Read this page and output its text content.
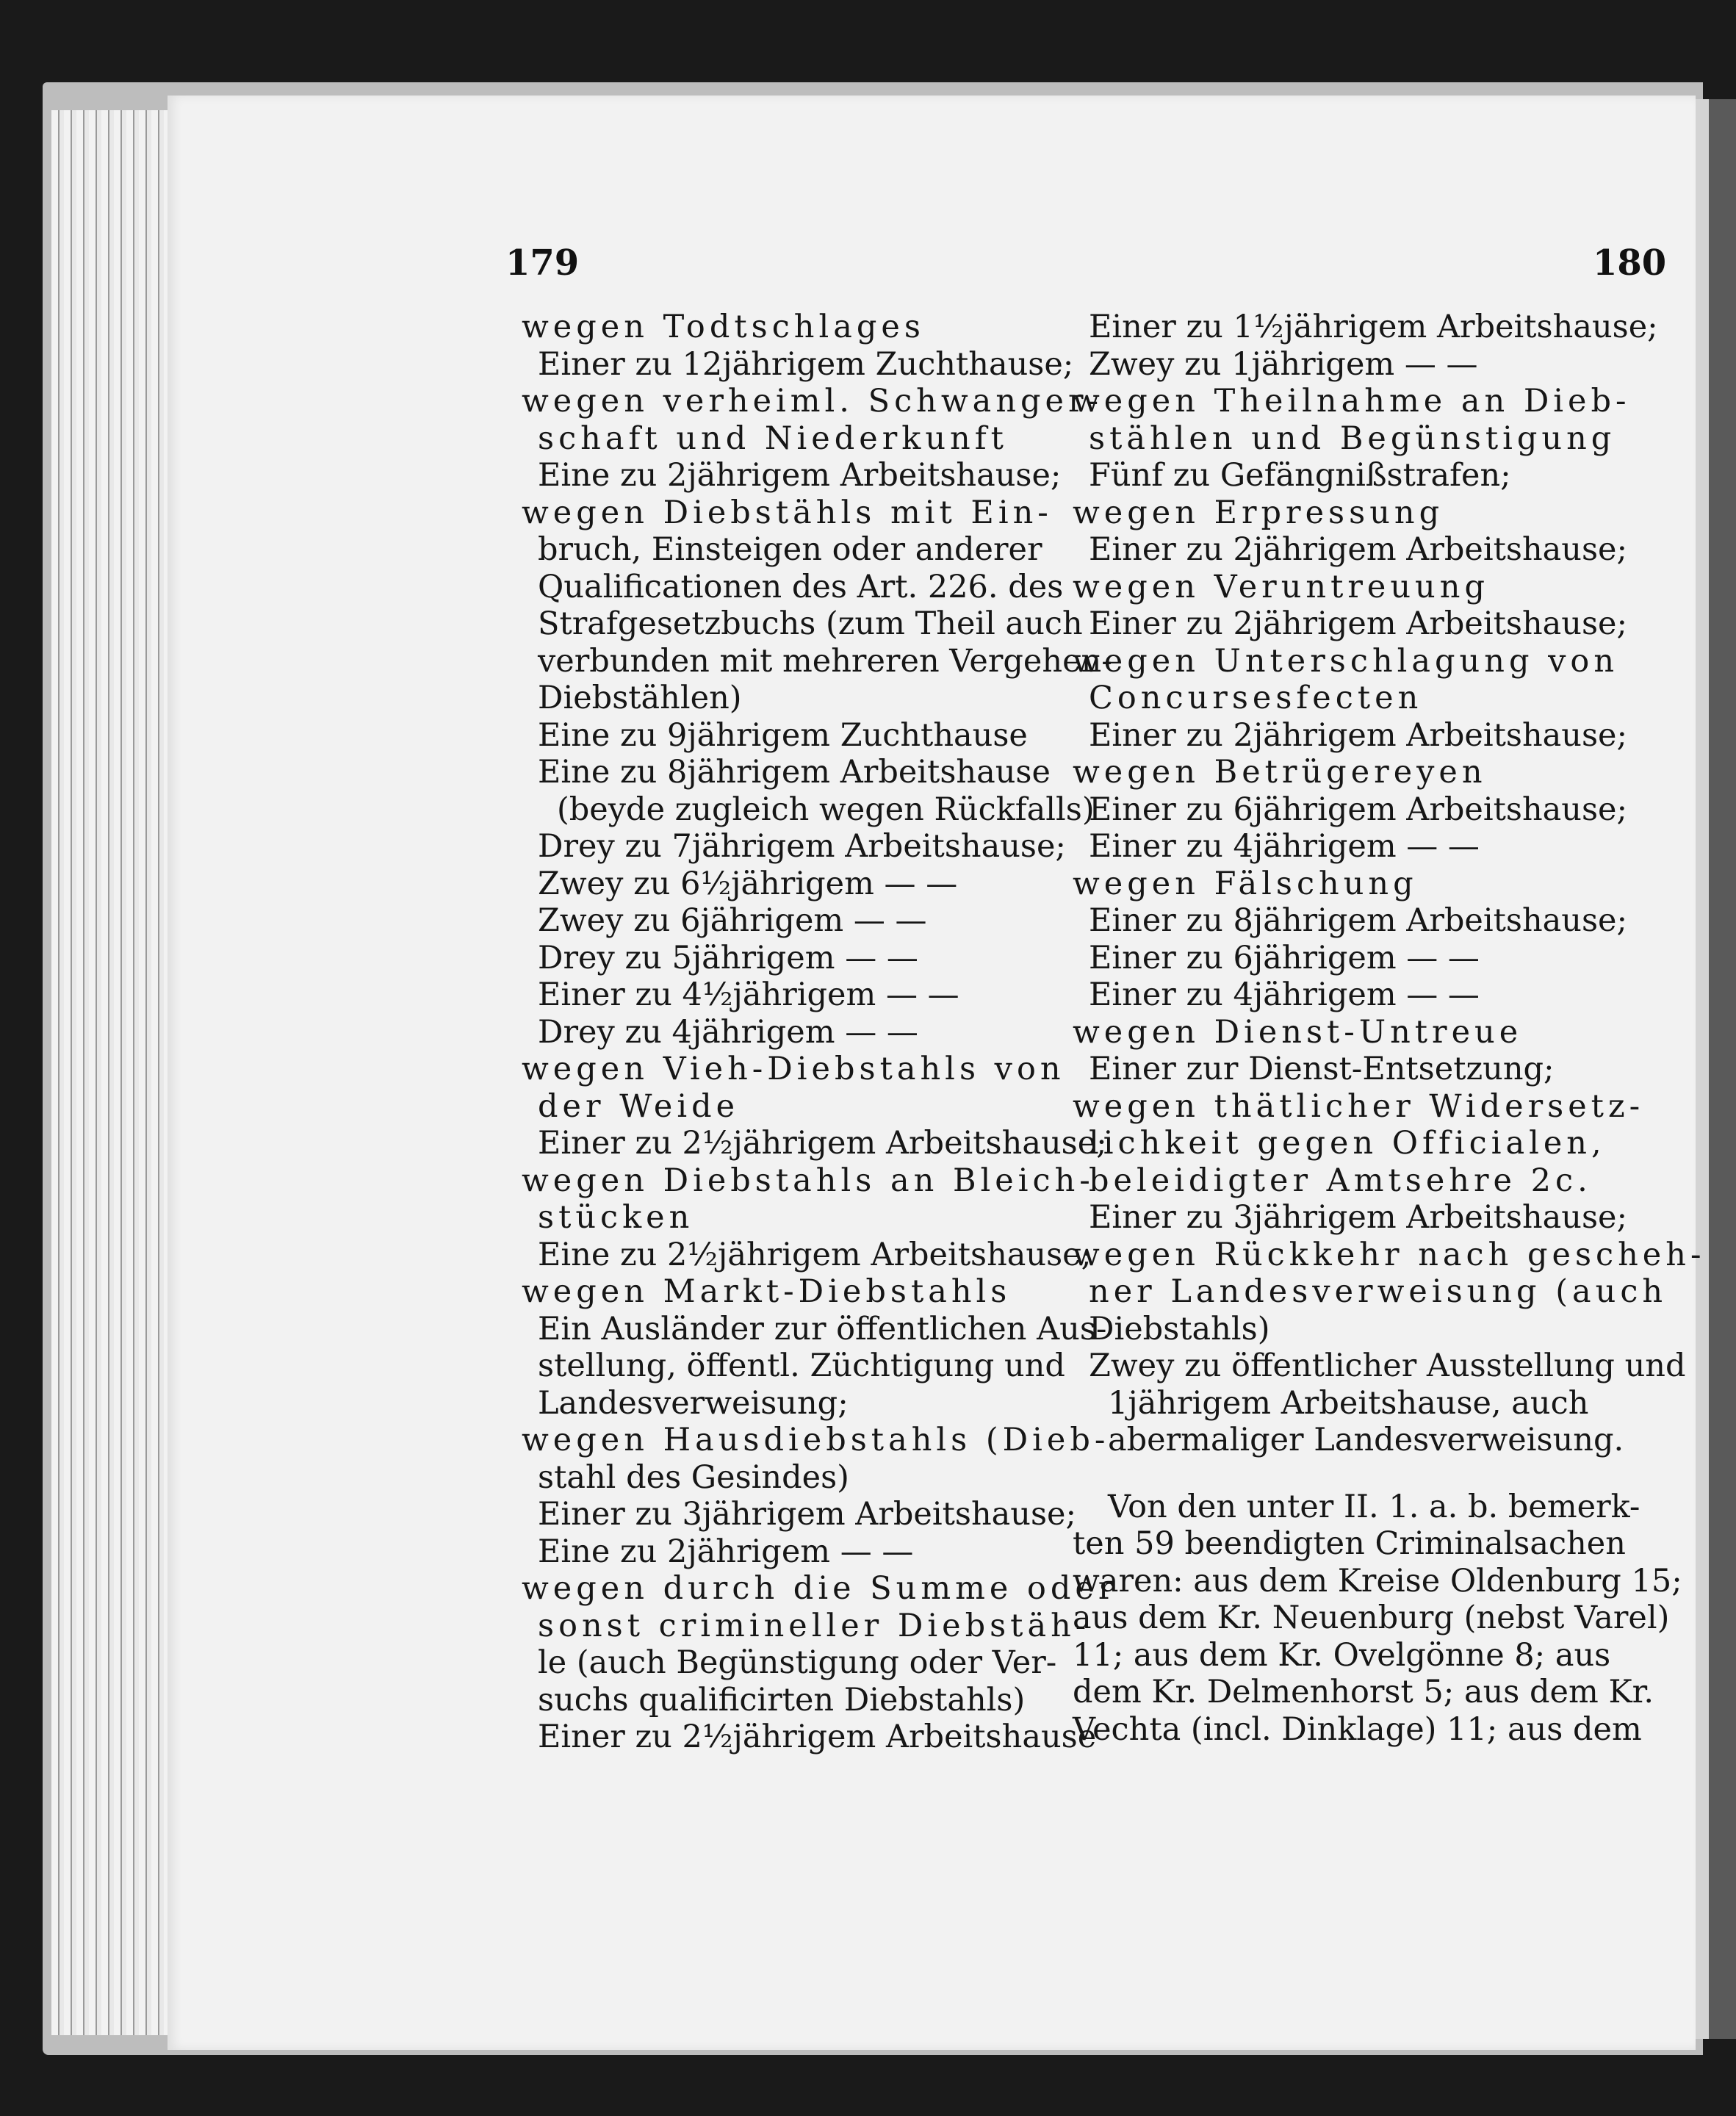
179	180
wegen Todtschlages
Einer zu 12jährigem Zuchthause;
wegen verheiml. Schwanger-
schaft und Niederkunft
Eine zu 2jährigem Arbeitshause;
wegen Diebstähls mit Ein-
bruch, Einsteigen oder anderer
Qualificationen des Art. 226. des
Strafgesetzbuchs (zum Theil auch
verbunden mit mehreren Vergehen-
Diebstählen)
Eine zu 9jährigem Zuchthause
Eine zu 8jährigem Arbeitshause
(beyde zugleich wegen Rückfalls)
Drey zu 7jährigem Arbeitshause;
Zwey zu 6½jährigem — —
Zwey zu 6jährigem — —
Drey zu 5jährigem — —
Einer zu 4½jährigem — —
Drey zu 4jährigem — —
wegen Vieh-Diebstahls von
der Weide
Einer zu 2½jährigem Arbeitshause;
wegen Diebstahls an Bleich-
stücken
Eine zu 2½jährigem Arbeitshause;
wegen Markt-Diebstahls
Ein Ausländer zur öffentlichen Aus-
stellung, öffentl. Züchtigung und
Landesverweisung;
wegen Hausdiebstahls (Dieb-
stahl des Gesindes)
Einer zu 3jährigem Arbeitshause;
Eine zu 2jährigem — —
wegen durch die Summe oder
sonst crimineller Diebstäh-
le (auch Begünstigung oder Ver-
suchs qualificirten Diebstahls)
Einer zu 2½jährigem Arbeitshause
Einer zu 1½jährigem Arbeitshause;
Zwey zu 1jährigem — —
wegen Theilnahme an Dieb-
stählen und Begünstigung
Fünf zu Gefängnißstrafen;
wegen Erpressung
Einer zu 2jährigem Arbeitshause;
wegen Veruntreuung
Einer zu 2jährigem Arbeitshause;
wegen Unterschlagung von
Concursesfecten
Einer zu 2jährigem Arbeitshause;
wegen Betrügereyen
Einer zu 6jährigem Arbeitshause;
Einer zu 4jährigem — —
wegen Fälschung
Einer zu 8jährigem Arbeitshause;
Einer zu 6jährigem — —
Einer zu 4jährigem — —
wegen Dienst-Untreue
Einer zur Dienst-Entsetzung;
wegen thätlicher Widersetz-
lichkeit gegen Officialen,
beleidigter Amtsehre 2c.
Einer zu 3jährigem Arbeitshause;
wegen Rückkehr nach gescheh-
ner Landesverweisung (auch
Diebstahls)
Zwey zu öffentlicher Ausstellung und
1jährigem Arbeitshause, auch
abermaliger Landesverweisung.
Von den unter II. 1. a. b. bemerk-
ten 59 beendigten Criminalsachen
waren: aus dem Kreise Oldenburg 15;
aus dem Kr. Neuenburg (nebst Varel)
11; aus dem Kr. Ovelgönne 8; aus
dem Kr. Delmenhorst 5; aus dem Kr.
Vechta (incl. Dinklage) 11; aus dem
